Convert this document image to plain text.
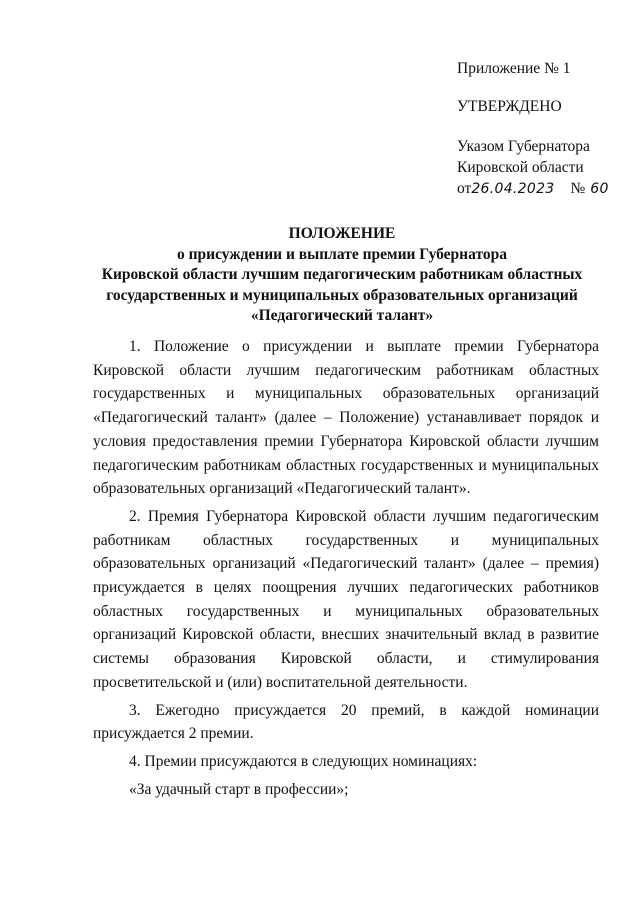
Приложение № 1
УТВЕРЖДЕНО
Указом Губернатора
Кировской области
от26.04.2023 № 60
ПОЛОЖЕНИЕ
о присуждении и выплате премии Губернатора
Кировской области лучшим педагогическим работникам областных
государственных и муниципальных образовательных организаций
«Педагогический талант»

1. Положение о присуждении и выплате премии Губернатора Кировской области лучшим педагогическим работникам областных государственных и муниципальных образовательных организаций «Педагогический талант» (далее – Положение) устанавливает порядок и условия предоставления премии Губернатора Кировской области лучшим педагогическим работникам областных государственных и муниципальных образовательных организаций «Педагогический талант».

2. Премия Губернатора Кировской области лучшим педагогическим работникам областных государственных и муниципальных образовательных организаций «Педагогический талант» (далее – премия) присуждается в целях поощрения лучших педагогических работников областных государственных и муниципальных образовательных организаций Кировской области, внесших значительный вклад в развитие системы образования Кировской области, и стимулирования просветительской и (или) воспитательной деятельности.

3. Ежегодно присуждается 20 премий, в каждой номинации присуждается 2 премии.

4. Премии присуждаются в следующих номинациях:

«За удачный старт в профессии»;
